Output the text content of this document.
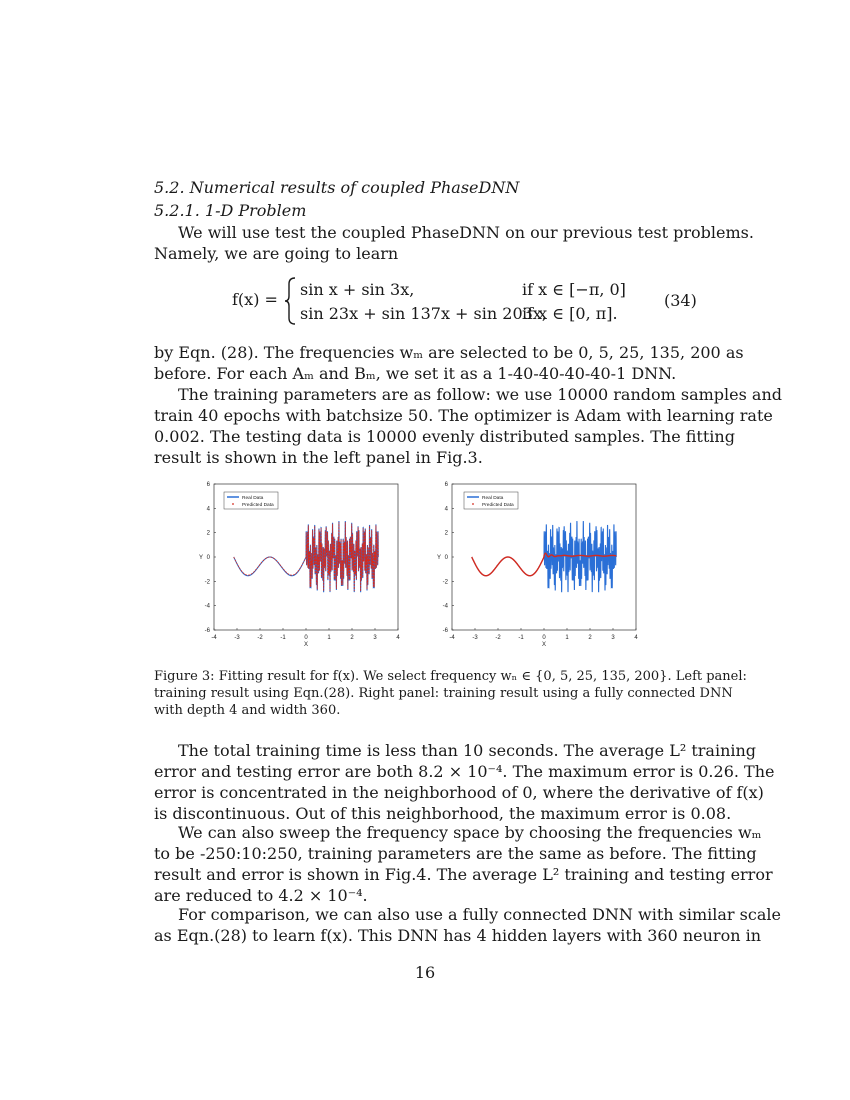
5.2. Numerical results of coupled PhaseDNN
5.2.1. 1-D Problem
We will use test the coupled PhaseDNN on our previous test problems.
Namely, we are going to learn
f(x) =
sin x + sin 3x,	if x ∈ [−π, 0]
sin 23x + sin 137x + sin 203x,
if x ∈ [0, π].
(34)
by Eqn. (28). The frequencies wₘ are selected to be 0, 5, 25, 135, 200 as
before. For each Aₘ and Bₘ, we set it as a 1-40-40-40-40-1 DNN.
The training parameters are as follow: we use 10000 random samples and
train 40 epochs with batchsize 50. The optimizer is Adam with learning rate
0.002. The testing data is 10000 evenly distributed samples. The fitting
result is shown in the left panel in Fig.3.
-4	-3	-2	-1	0	1	2	3	4
-6
-4
-2
0
2
4
6
X
Y
Real Data
Predicted Data
-4	-3	-2	-1	0	1	2	3	4
-6
-4
-2
0
2
4
6
X
Y
Real Data
Predicted Data
Figure 3: Fitting result for f(x). We select frequency wₙ ∈ {0, 5, 25, 135, 200}. Left panel:
training result using Eqn.(28). Right panel: training result using a fully connected DNN
with depth 4 and width 360.
The total training time is less than 10 seconds. The average L² training
error and testing error are both 8.2 × 10⁻⁴. The maximum error is 0.26. The
error is concentrated in the neighborhood of 0, where the derivative of f(x)
is discontinuous. Out of this neighborhood, the maximum error is 0.08.
We can also sweep the frequency space by choosing the frequencies wₘ
to be -250:10:250, training parameters are the same as before. The fitting
result and error is shown in Fig.4. The average L² training and testing error
are reduced to 4.2 × 10⁻⁴.
For comparison, we can also use a fully connected DNN with similar scale
as Eqn.(28) to learn f(x). This DNN has 4 hidden layers with 360 neuron in
16
